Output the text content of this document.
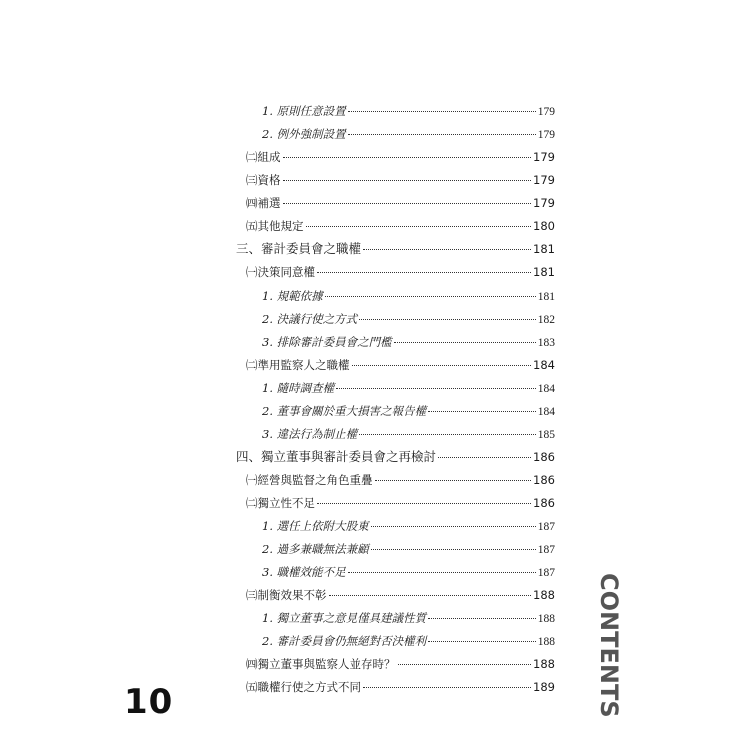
1. 原則任意設置	179
2. 例外強制設置	179
㈡組成	179
㈢資格	179
㈣補選	179
㈤其他規定	180
三、審計委員會之職權	181
㈠決策同意權	181
1. 規範依據	181
2. 決議行使之方式	182
3. 排除審計委員會之門檻	183
㈡準用監察人之職權	184
1. 隨時調查權	184
2. 董事會關於重大損害之報告權	184
3. 違法行為制止權	185
四、獨立董事與審計委員會之再檢討	186
㈠經營與監督之角色重疊	186
㈡獨立性不足	186
1. 選任上依附大股東	187
2. 過多兼職無法兼顧	187
3. 職權效能不足	187
㈢制衡效果不彰	188
1. 獨立董事之意見僅具建議性質	188
2. 審計委員會仍無絕對否決權利	188
㈣獨立董事與監察人並存時？	188
㈤職權行使之方式不同	189
10	CONTENTS
